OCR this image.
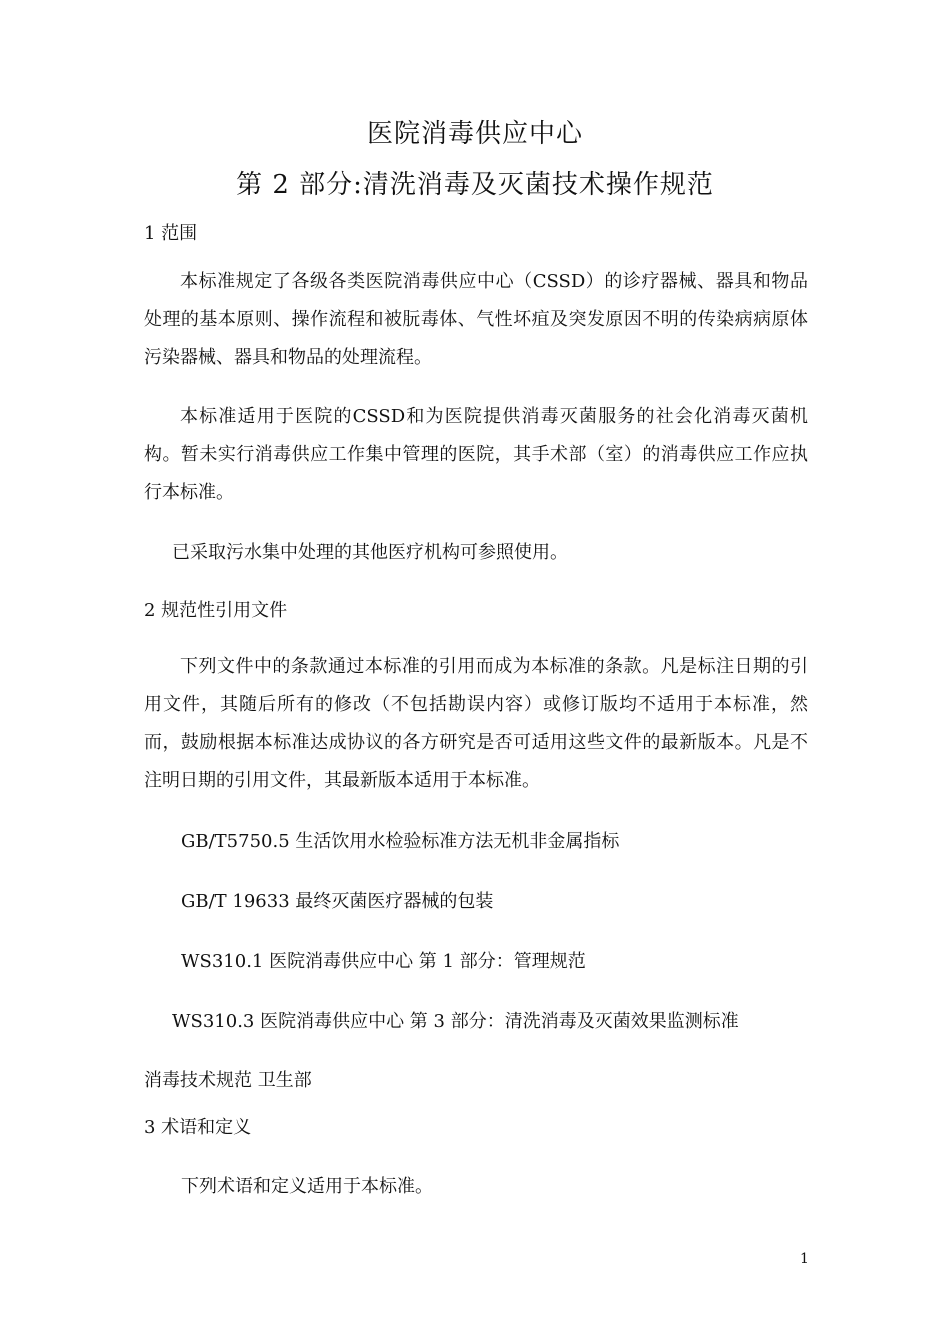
医院消毒供应中心
第 2 部分:清洗消毒及灭菌技术操作规范
1 范围

本标准规定了各级各类医院消毒供应中心（CSSD）的诊疗器械、器具和物品处理的基本原则、操作流程和被朊毒体、气性坏疽及突发原因不明的传染病病原体污染器械、器具和物品的处理流程。

本标准适用于医院的CSSD和为医院提供消毒灭菌服务的社会化消毒灭菌机构。暂未实行消毒供应工作集中管理的医院，其手术部（室）的消毒供应工作应执行本标准。

已采取污水集中处理的其他医疗机构可参照使用。

2 规范性引用文件

下列文件中的条款通过本标准的引用而成为本标准的条款。凡是标注日期的引用文件，其随后所有的修改（不包括勘误内容）或修订版均不适用于本标准，然而，鼓励根据本标准达成协议的各方研究是否可适用这些文件的最新版本。凡是不注明日期的引用文件，其最新版本适用于本标准。

GB/T5750.5 生活饮用水检验标准方法无机非金属指标

GB/T 19633 最终灭菌医疗器械的包装

WS310.1 医院消毒供应中心 第 1 部分：管理规范

WS310.3 医院消毒供应中心 第 3 部分：清洗消毒及灭菌效果监测标准

消毒技术规范 卫生部

3 术语和定义

下列术语和定义适用于本标准。

1
